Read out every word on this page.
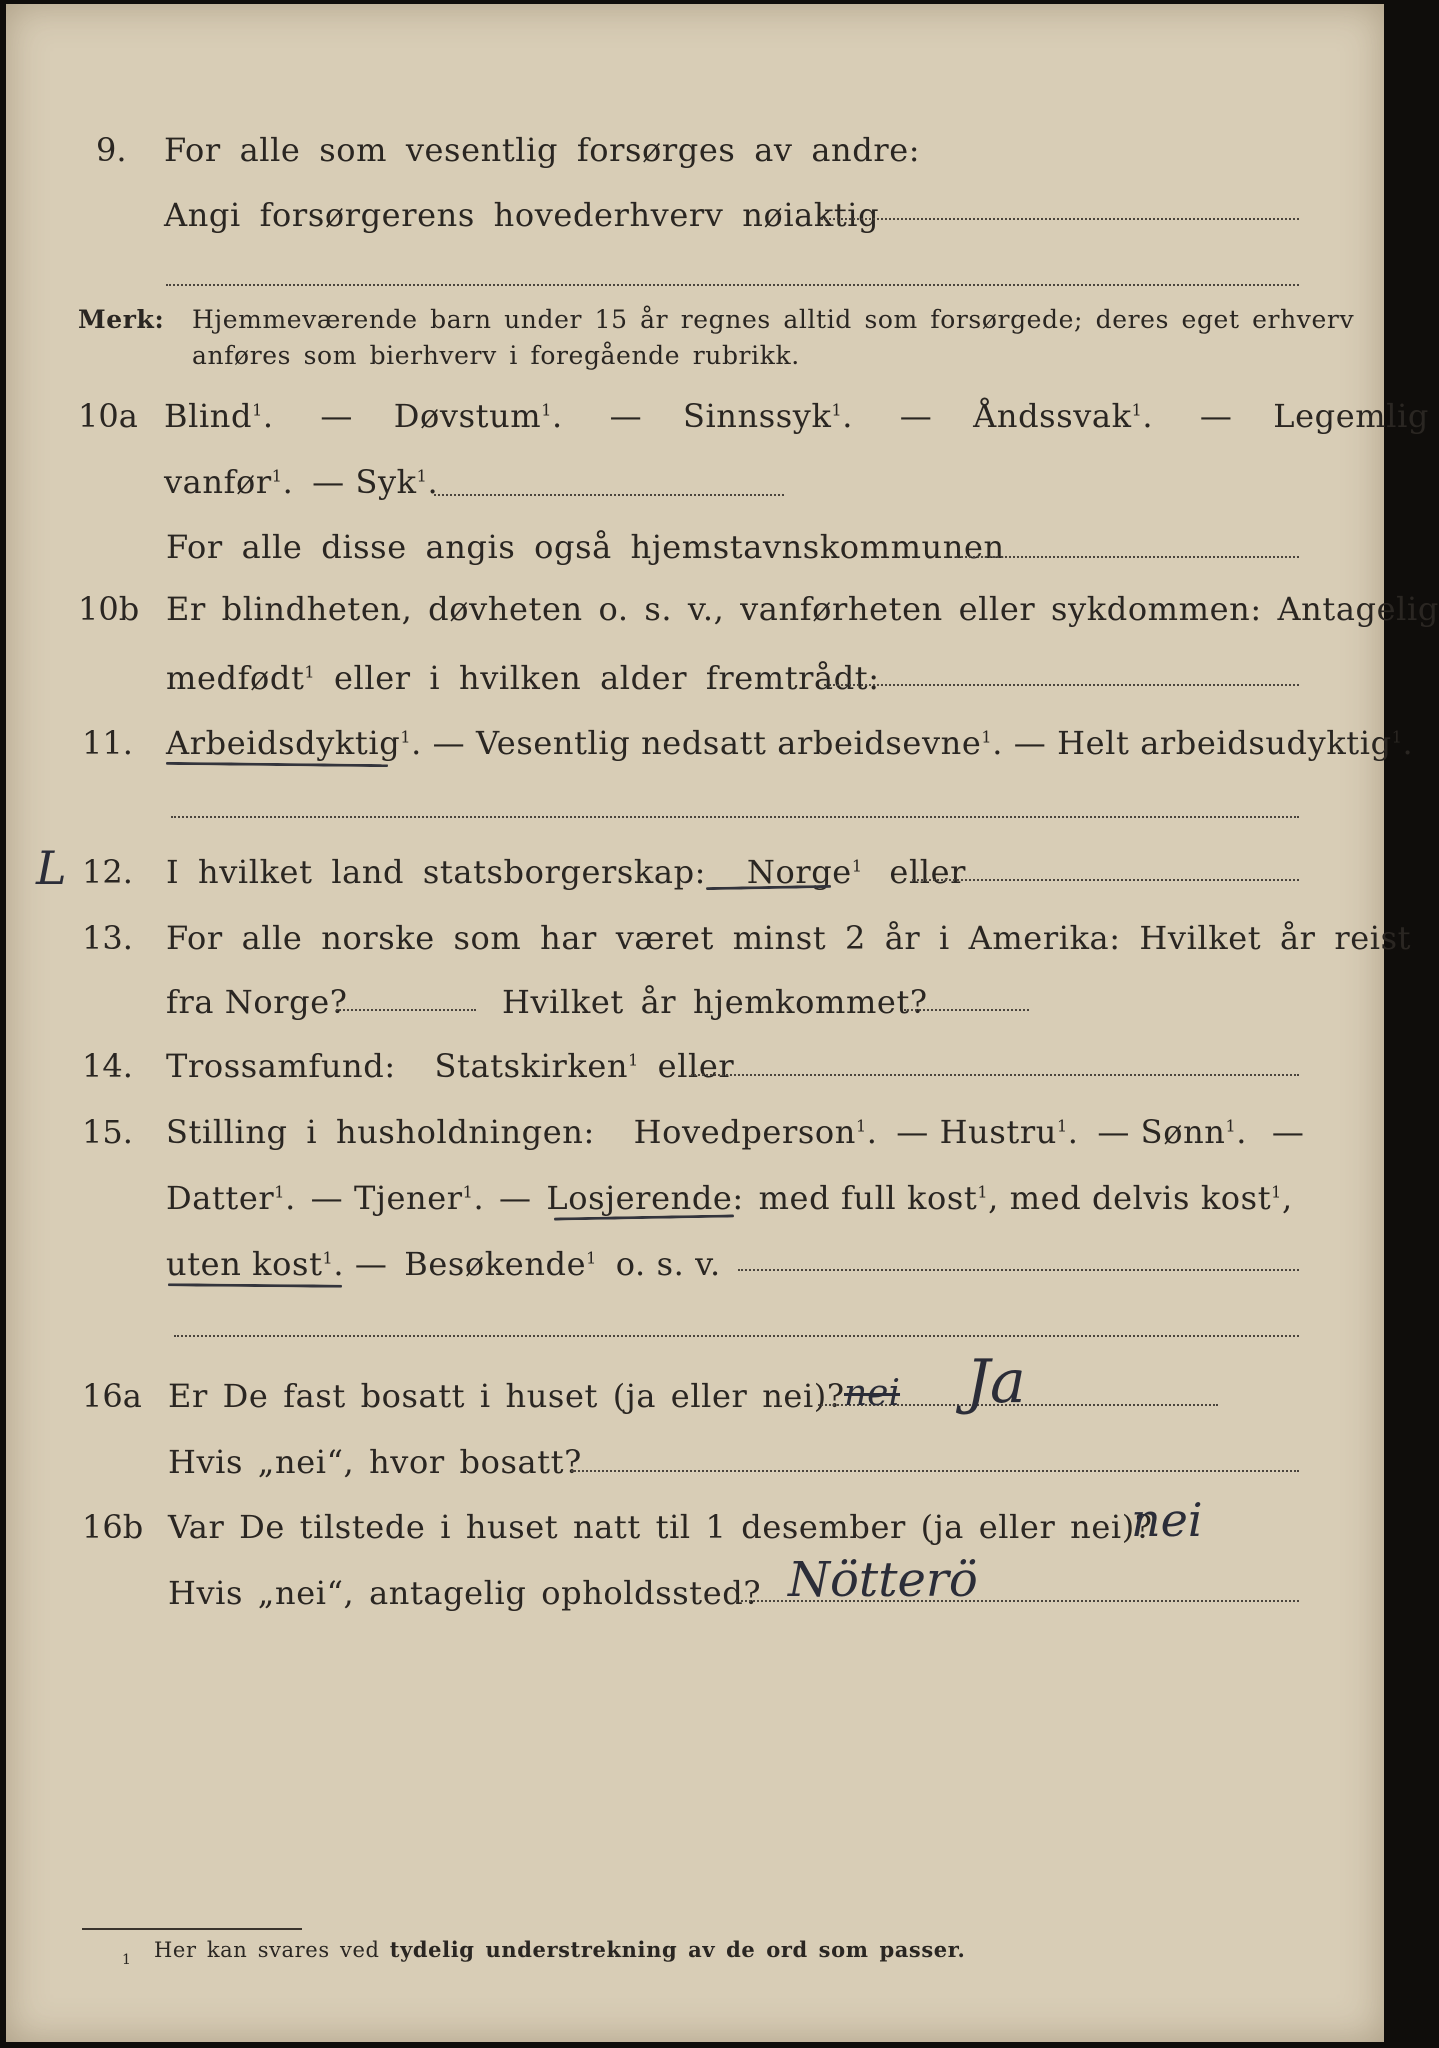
9. For alle som vesentlig forsørges av andre:
Angi forsørgerens hovederhverv nøiaktig
Merk: Hjemmeværende barn under 15 år regnes alltid som forsørgede; deres eget erhverv
anføres som bierhverv i foregående rubrikk.
10a Blind$^1$. — Døvstum$^1$. — Sinnssyk$^1$. — Åndssvak$^1$. — Legemlig
vanfør$^1$. — Syk$^1$.
For alle disse angis også hjemstavnskommunen
10b Er blindheten, døvheten o. s. v., vanførheten eller sykdommen: Antagelig
medfødt$^1$ eller i hvilken alder fremtrådt:
11. Arbeidsdyktig$^1$. — Vesentlig nedsatt arbeidsevne$^1$. — Helt arbeidsudyktig$^1$.
L 12. I hvilket land statsborgerskap: Norge$^1$ eller
13. For alle norske som har været minst 2 år i Amerika: Hvilket år reist
fra Norge?	Hvilket år hjemkommet?
14. Trossamfund: Statskirken$^1$ eller
15. Stilling i husholdningen: Hovedperson$^1$. — Hustru$^1$. — Sønn$^1$. —
Datter$^1$. — Tjener$^1$. — Losjerende: med full kost$^1$, med delvis kost$^1$,
uten kost$^1$. — Besøkende$^1$ o. s. v.
16a Er De fast bosatt i huset (ja eller nei)? nei Ja
Hvis „nei“, hvor bosatt?
16b Var De tilstede i huset natt til 1 desember (ja eller nei)?
nei
Hvis „nei“, antagelig opholdssted? Nötterö
1 Her kan svares ved tydelig understrekning av de ord som passer.
